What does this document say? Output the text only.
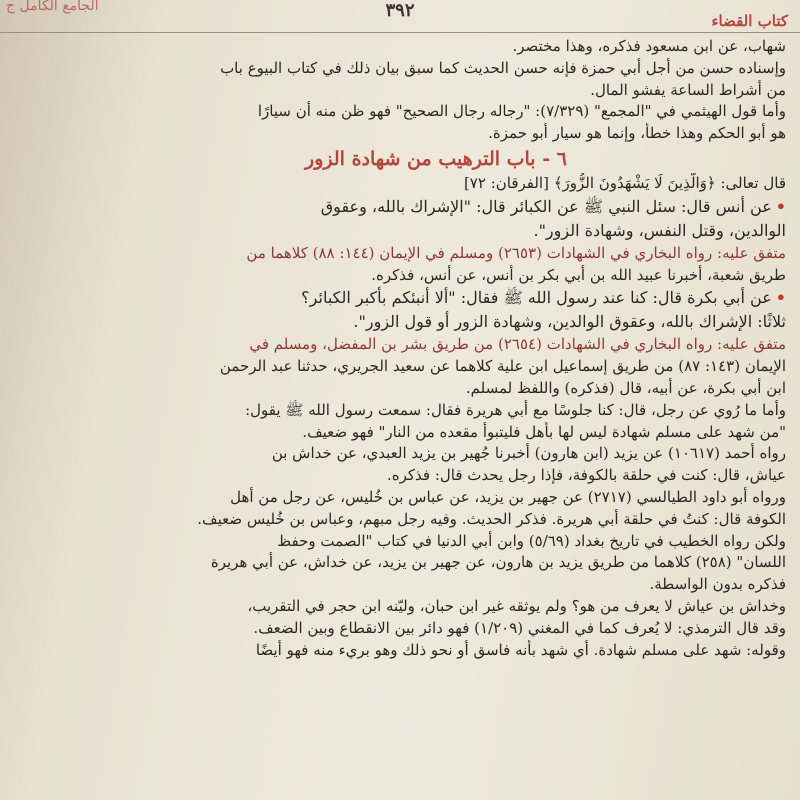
كتاب القضاء
٣٩٢
الجامع الكامل ج
شهاب، عن ابن مسعود فذكره، وهذا مختصر.
وإسناده حسن من أجل أبي حمزة فإنه حسن الحديث كما سبق بيان ذلك في كتاب البيوع باب
من أشراط الساعة يفشو المال.
وأما قول الهيثمي في "المجمع" (٧/٣٢٩): "رجاله رجال الصحيح" فهو ظن منه أن سيارًا
هو أبو الحكم وهذا خطأ، وإنما هو سيار أبو حمزة.
٦ - باب الترهيب من شهادة الزور
قال تعالى: ﴿وَالَّذِينَ لَا يَشْهَدُونَ الزُّورَ﴾ [الفرقان: ٧٢]
•عن أنس قال: سئل النبي ﷺ عن الكبائر قال: "الإشراك بالله، وعقوق
الوالدين، وقتل النفس، وشهادة الزور".
متفق عليه: رواه البخاري في الشهادات (٢٦٥٣) ومسلم في الإيمان (١٤٤: ٨٨) كلاهما من
طريق شعبة، أخبرنا عبيد الله بن أبي بكر بن أنس، عن أنس، فذكره.
•عن أبي بكرة قال: كنا عند رسول الله ﷺ فقال: "ألا أنبئكم بأكبر الكبائر؟
ثلاثًا: الإشراك بالله، وعقوق الوالدين، وشهادة الزور أو قول الزور".
متفق عليه: رواه البخاري في الشهادات (٢٦٥٤) من طريق بشر بن المفضل، ومسلم في
الإيمان (١٤٣: ٨٧) من طريق إسماعيل ابن علية كلاهما عن سعيد الجريري، حدثنا عبد الرحمن
ابن أبي بكرة، عن أبيه، قال (فذكره) واللفظ لمسلم.
وأما ما رُوي عن رجل، قال: كنا جلوسًا مع أبي هريرة فقال: سمعت رسول الله ﷺ يقول:
"من شهد على مسلم شهادة ليس لها بأهل فليتبوأ مقعده من النار" فهو ضعيف.
رواه أحمد (١٠٦١٧) عن يزيد (ابن هارون) أخبرنا جُهير بن يزيد العبدي، عن خداش بن
عياش، قال: كنت في حلقة بالكوفة، فإذا رجل يحدث قال: فذكره.
ورواه أبو داود الطيالسي (٢٧١٧) عن جهير بن يزيد، عن عباس بن خُليس، عن رجل من أهل
الكوفة قال: كنتُ في حلقة أبي هريرة. فذكر الحديث. وفيه رجل مبهم، وعباس بن خُليس ضعيف.
ولكن رواه الخطيب في تاريخ بغداد (٥/٦٩) وابن أبي الدنيا في كتاب "الصمت وحفظ
اللسان" (٢٥٨) كلاهما من طريق يزيد بن هارون، عن جهير بن يزيد، عن خداش، عن أبي هريرة
فذكره بدون الواسطة.
وخداش بن عياش لا يعرف من هو؟ ولم يوثقه غير ابن حبان، وليّنه ابن حجر في التقريب،
وقد قال الترمذي: لا يُعرف كما في المغني (١/٢٠٩) فهو دائر بين الانقطاع وبين الضعف.
وقوله: شهد على مسلم شهادة. أي شهد بأنه فاسق أو نحو ذلك وهو بريء منه فهو أيضًا
